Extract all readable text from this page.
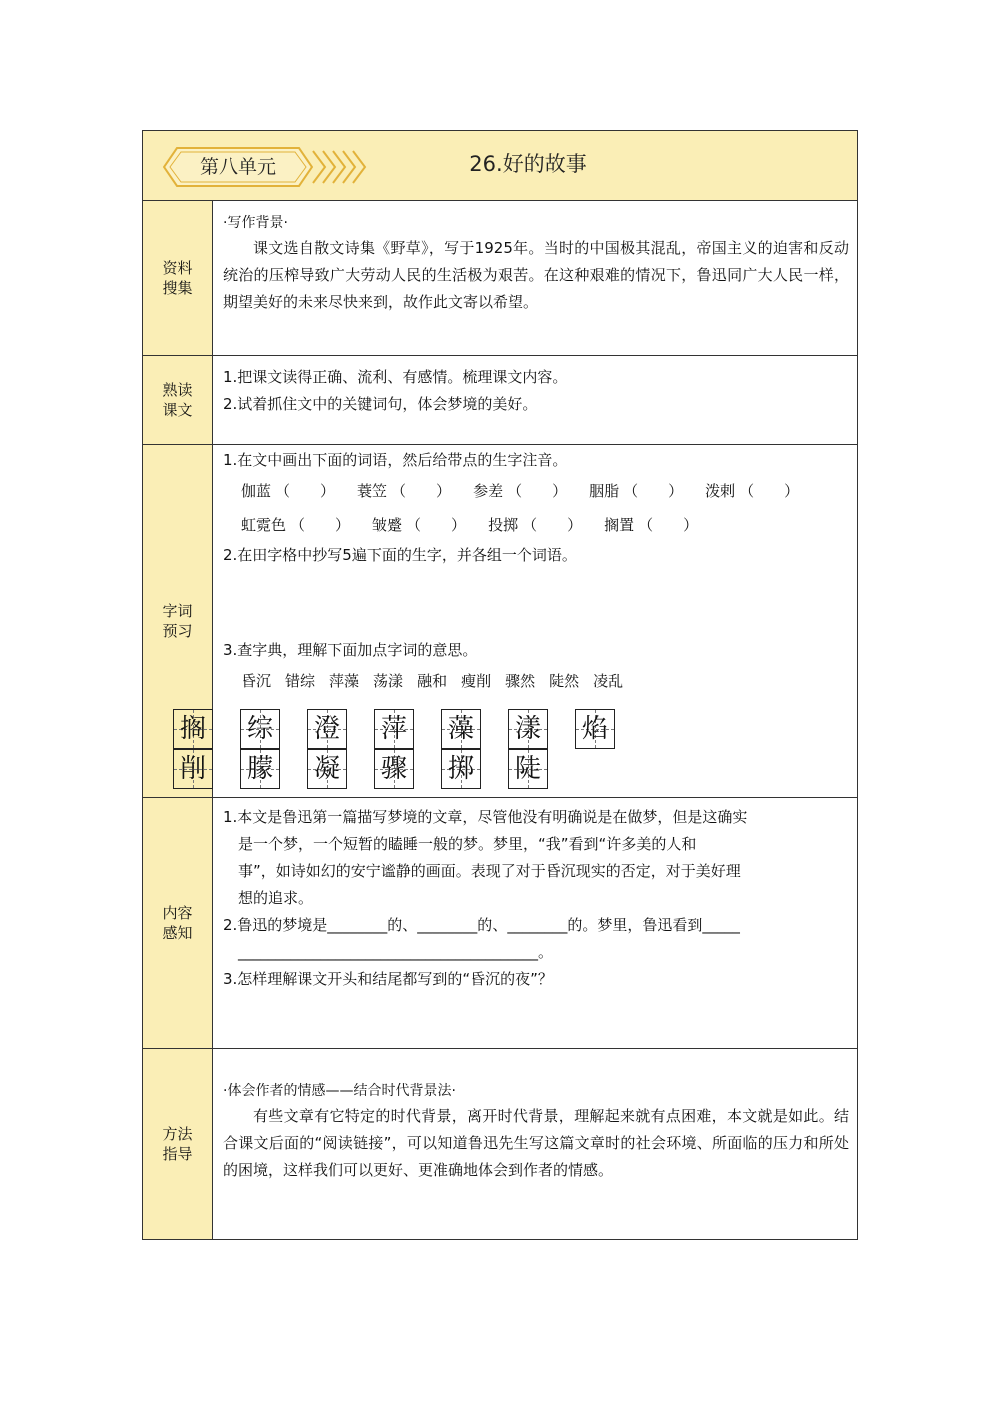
第八单元	26.好的故事
资料搜集
·写作背景·
课文选自散文诗集《野草》，写于1925年。当时的中国极其混乱，帝国主义的迫害和反动统治的压榨导致广大劳动人民的生活极为艰苦。在这种艰难的情况下，鲁迅同广大人民一样，期望美好的未来尽快来到，故作此文寄以希望。
熟读课文
1.把课文读得正确、流利、有感情。梳理课文内容。
2.试着抓住文中的关键词句，体会梦境的美好。
字词预习
1.在文中画出下面的词语，然后给带点的生字注音。
伽蓝 （　　） 蓑笠 （　　） 参差 （　　） 胭脂 （　　） 泼剌 （　　）
虹霓色 （　　） 皱蹙 （　　） 投掷 （　　） 搁置 （　　）
2.在田字格中抄写5遍下面的生字，并各组一个词语。
搁 综 澄 萍 藻 漾 焰
削 朦 凝 骤 掷 陡
3.查字典，理解下面加点字词的意思。
昏沉 错综 萍藻 荡漾 融和 瘦削 骤然 陡然 凌乱
内容感知
1.本文是鲁迅第一篇描写梦境的文章，尽管他没有明确说是在做梦，但是这确实
是一个梦，一个短暂的瞌睡一般的梦。梦里，“我”看到“许多美的人和
事”，如诗如幻的安宁谧静的画面。表现了对于昏沉现实的否定，对于美好理
想的追求。
2.鲁迅的梦境是________的、________的、________的。梦里，鲁迅看到_____
________________________________________。
3.怎样理解课文开头和结尾都写到的“昏沉的夜”？
方法指导
·体会作者的情感——结合时代背景法·
有些文章有它特定的时代背景，离开时代背景，理解起来就有点困难，本文就是如此。结合课文后面的“阅读链接”，可以知道鲁迅先生写这篇文章时的社会环境、所面临的压力和所处的困境，这样我们可以更好、更准确地体会到作者的情感。
